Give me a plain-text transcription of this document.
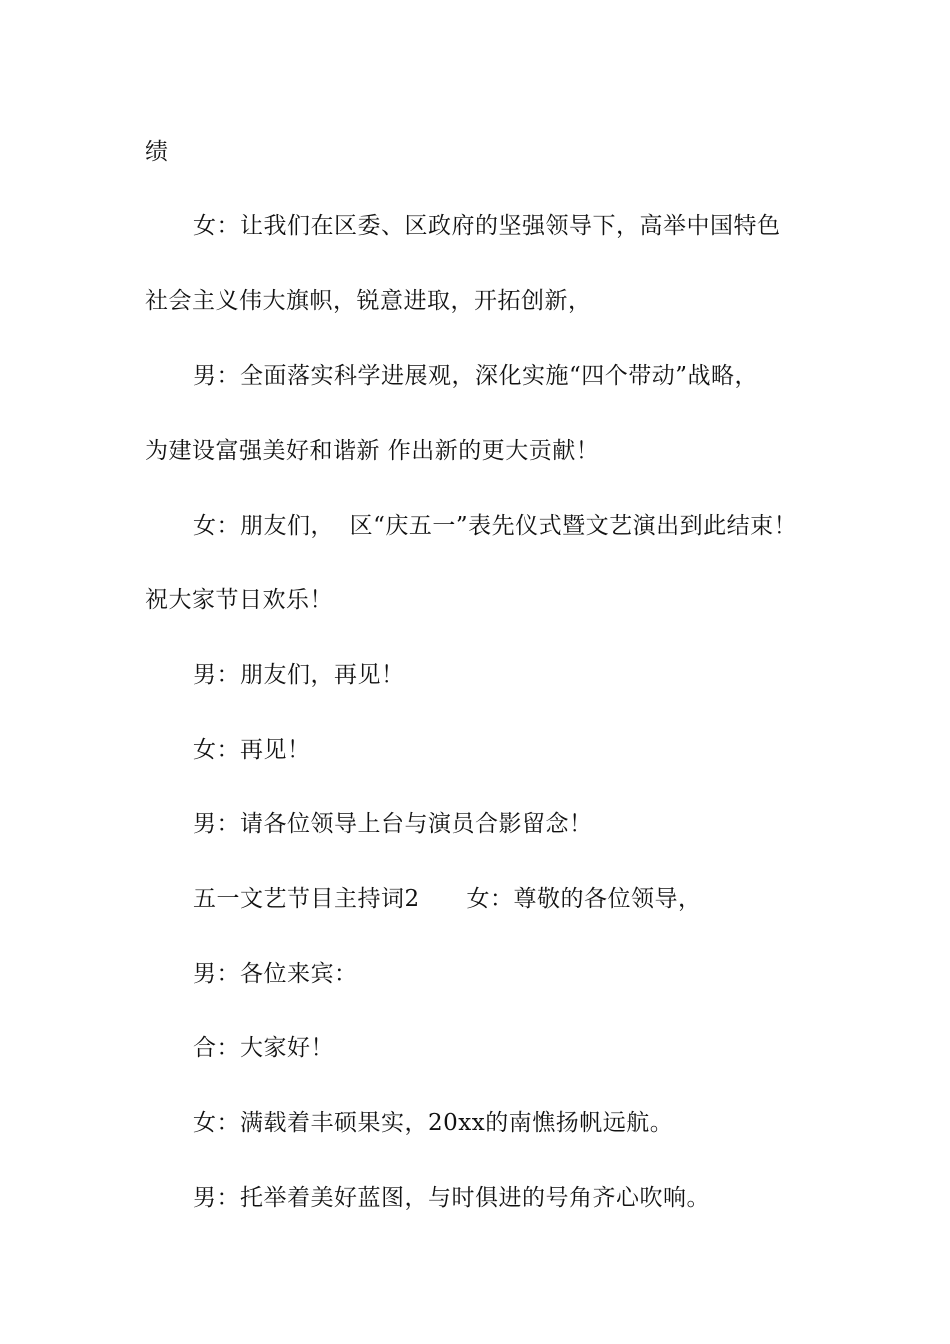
绩
女：让我们在区委、区政府的坚强领导下，高举中国特色
社会主义伟大旗帜，锐意进取，开拓创新，
男：全面落实科学进展观，深化实施“四个带动”战略，
为建设富强美好和谐新 作出新的更大贡献！
女：朋友们，  区“庆五一”表先仪式暨文艺演出到此结束！
祝大家节日欢乐！
男：朋友们，再见！
女：再见！
男：请各位领导上台与演员合影留念！
五一文艺节目主持词2      女：尊敬的各位领导，
男：各位来宾：
合：大家好！
女：满载着丰硕果实，20xx的南憔扬帆远航。
男：托举着美好蓝图，与时俱进的号角齐心吹响。
